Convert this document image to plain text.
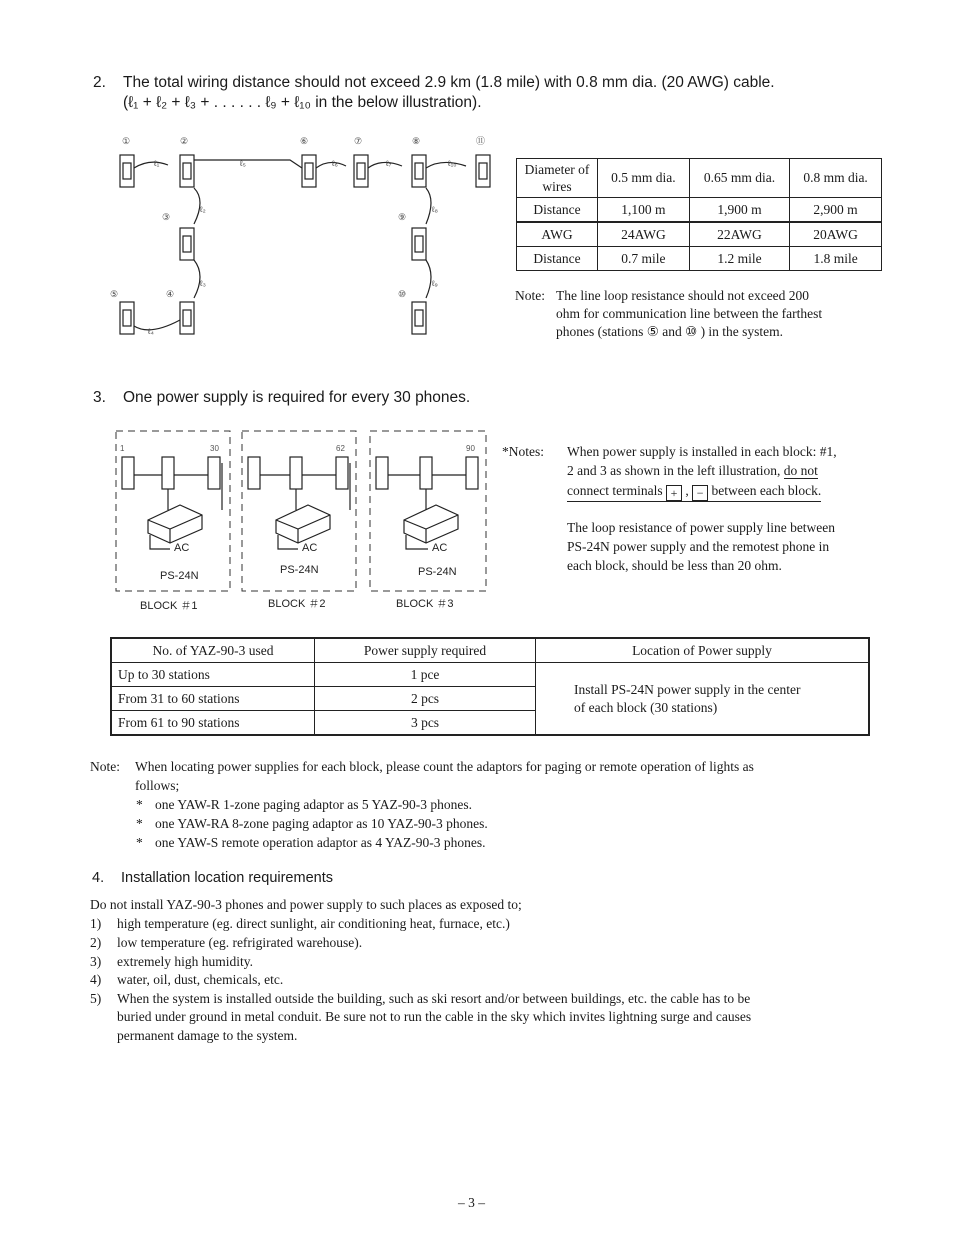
2. The total wiring distance should not exceed 2.9 km (1.8 mile) with 0.8 mm dia. (20 AWG) cable.
(ℓ₁ + ℓ₂ + ℓ₃ + . . . . . . ℓ₉ + ℓ₁₀ in the below illustration).
①	②	⑥	⑦	⑧	⑪
③	⑨
⑤	④	⑩
ℓ₁
ℓ₂
ℓ₃
ℓ₄
ℓ₅	ℓ₆	ℓ₇
ℓ₈
ℓ₉
ℓ₁₀	Diameter of wires	0.5 mm dia.	0.65 mm dia.	0.8 mm dia.
Distance	1,100 m	1,900 m	2,900 m
AWG	24AWG	22AWG	20AWG
Distance	0.7 mile	1.2 mile	1.8 mile
Note: The line loop resistance should not exceed 200
ohm for communication line between the farthest
phones (stations ⑤ and ⑩ ) in the system.
3. One power supply is required for every 30 phones.
AC	AC	AC
PS-24N	PS-24N	PS-24N
BLOCK ＃1	BLOCK ＃2	BLOCK ＃3
1	30	62	90 *Notes: When power supply is installed in each block: #1,
2 and 3 as shown in the left illustration, do not
connect terminals + , − between each block.
The loop resistance of power supply line between
PS-24N power supply and the remotest phone in
each block, should be less than 20 ohm.
No. of YAZ-90-3 used	Power supply required	Location of Power supply
Up to 30 stations	1 pce	Install PS-24N power supply in the center
of each block (30 stations)

From 31 to 60 stations	2 pcs	
From 61 to 90 stations	3 pcs	
Note: When locating power supplies for each block, please count the adaptors for paging or remote operation of lights as
follows;
* one YAW-R 1-zone paging adaptor as 5 YAZ-90-3 phones.
* one YAW-RA 8-zone paging adaptor as 10 YAZ-90-3 phones.
* one YAW-S remote operation adaptor as 4 YAZ-90-3 phones.
4. Installation location requirements
Do not install YAZ-90-3 phones and power supply to such places as exposed to;
1) high temperature (eg. direct sunlight, air conditioning heat, furnace, etc.)
2) low temperature (eg. refrigirated warehouse).
3) extremely high humidity.
4) water, oil, dust, chemicals, etc.
5) When the system is installed outside the building, such as ski resort and/or between buildings, etc. the cable has to be
buried under ground in metal conduit. Be sure not to run the cable in the sky which invites lightning surge and causes
permanent damage to the system.
– 3 –
